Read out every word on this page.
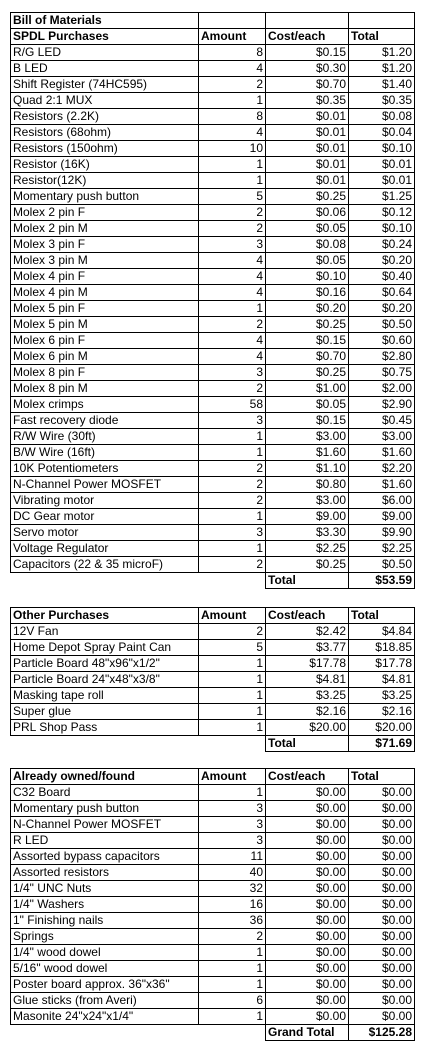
Bill of Materials			
SPDL Purchases	Amount	Cost/each	Total
R/G LED	8	$0.15	$1.20
B LED	4	$0.30	$1.20
Shift Register (74HC595)	2	$0.70	$1.40
Quad 2:1 MUX	1	$0.35	$0.35
Resistors (2.2K)	8	$0.01	$0.08
Resistors (68ohm)	4	$0.01	$0.04
Resistors (150ohm)	10	$0.01	$0.10
Resistor (16K)	1	$0.01	$0.01
Resistor(12K)	1	$0.01	$0.01
Momentary push button	5	$0.25	$1.25
Molex 2 pin F	2	$0.06	$0.12
Molex 2 pin M	2	$0.05	$0.10
Molex 3 pin F	3	$0.08	$0.24
Molex 3 pin M	4	$0.05	$0.20
Molex 4 pin F	4	$0.10	$0.40
Molex 4 pin M	4	$0.16	$0.64
Molex 5 pin F	1	$0.20	$0.20
Molex 5 pin M	2	$0.25	$0.50
Molex 6 pin F	4	$0.15	$0.60
Molex 6 pin M	4	$0.70	$2.80
Molex 8 pin F	3	$0.25	$0.75
Molex 8 pin M	2	$1.00	$2.00
Molex crimps	58	$0.05	$2.90
Fast recovery diode	3	$0.15	$0.45
R/W Wire (30ft)	1	$3.00	$3.00
B/W Wire (16ft)	1	$1.60	$1.60
10K Potentiometers	2	$1.10	$2.20
N-Channel Power MOSFET	2	$0.80	$1.60
Vibrating motor	2	$3.00	$6.00
DC Gear motor	1	$9.00	$9.00
Servo motor	3	$3.30	$9.90
Voltage Regulator	1	$2.25	$2.25
Capacitors (22 & 35 microF)	2	$0.25	$0.50
		Total	$53.59
Other Purchases	Amount	Cost/each	Total
12V Fan	2	$2.42	$4.84
Home Depot Spray Paint Can	5	$3.77	$18.85
Particle Board 48"x96"x1/2"	1	$17.78	$17.78
Particle Board 24"x48"x3/8"	1	$4.81	$4.81
Masking tape roll	1	$3.25	$3.25
Super glue	1	$2.16	$2.16
PRL Shop Pass	1	$20.00	$20.00
		Total	$71.69
Already owned/found	Amount	Cost/each	Total
C32 Board	1	$0.00	$0.00
Momentary push button	3	$0.00	$0.00
N-Channel Power MOSFET	3	$0.00	$0.00
R LED	3	$0.00	$0.00
Assorted bypass capacitors	11	$0.00	$0.00
Assorted resistors	40	$0.00	$0.00
1/4" UNC Nuts	32	$0.00	$0.00
1/4" Washers	16	$0.00	$0.00
1" Finishing nails	36	$0.00	$0.00
Springs	2	$0.00	$0.00
1/4" wood dowel	1	$0.00	$0.00
5/16" wood dowel	1	$0.00	$0.00
Poster board approx. 36"x36"	1	$0.00	$0.00
Glue sticks (from Averi)	6	$0.00	$0.00
Masonite 24"x24"x1/4"	1	$0.00	$0.00
		Grand Total	$125.28
